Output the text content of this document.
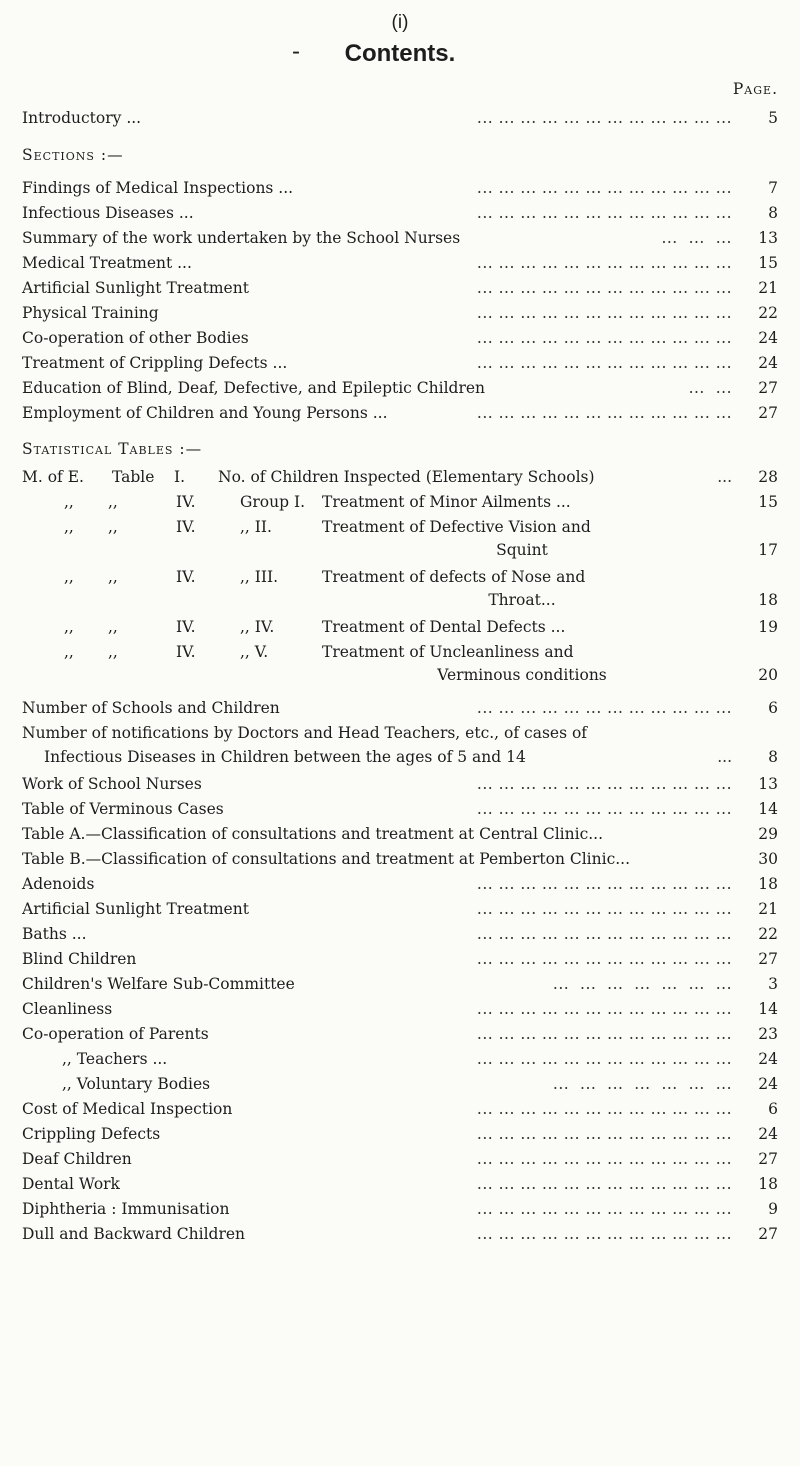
(i)
- Contents.
Page.
Introductory ...	... ... ... ... ... ... ... ... ... ... ... ...	5
Sections :—
Findings of Medical Inspections ...	... ... ... ... ... ... ... ... ... ... ... ...	7
Infectious Diseases ...	... ... ... ... ... ... ... ... ... ... ... ...	8
Summary of the work undertaken by the School Nurses	...  ...  ...	13
Medical Treatment ...	... ... ... ... ... ... ... ... ... ... ... ...	15
Artificial Sunlight Treatment	... ... ... ... ... ... ... ... ... ... ... ...	21
Physical Training	... ... ... ... ... ... ... ... ... ... ... ...	22
Co-operation of other Bodies	... ... ... ... ... ... ... ... ... ... ... ...	24
Treatment of Crippling Defects ...	... ... ... ... ... ... ... ... ... ... ... ...	24
Education of Blind, Deaf, Defective, and Epileptic Children	...  ...	27
Employment of Children and Young Persons ...	... ... ... ... ... ... ... ... ... ... ... ...	27
Statistical Tables :—
M. of E. Table I. No. of Children Inspected (Elementary Schools)	...	28
,, ,,	IV.	Group I. Treatment of Minor Ailments ...	15
,, ,,	IV.	,, II.	Treatment of Defective Vision and
Squint	17
,, ,,	IV.	,, III.	Treatment of defects of Nose and
Throat...	18
,, ,,	IV.	,, IV.	Treatment of Dental Defects ...	19
,, ,,	IV.	,, V.	Treatment of Uncleanliness and
Verminous conditions	20
Number of Schools and Children	... ... ... ... ... ... ... ... ... ... ... ...	6
Number of notifications by Doctors and Head Teachers, etc., of cases of
Infectious Diseases in Children between the ages of 5 and 14	...	8
Work of School Nurses	... ... ... ... ... ... ... ... ... ... ... ...	13
Table of Verminous Cases	... ... ... ... ... ... ... ... ... ... ... ...	14
Table A.—Classification of consultations and treatment at Central Clinic...	29
Table B.—Classification of consultations and treatment at Pemberton Clinic...	30
Adenoids	... ... ... ... ... ... ... ... ... ... ... ...	18
Artificial Sunlight Treatment	... ... ... ... ... ... ... ... ... ... ... ...	21
Baths ...	... ... ... ... ... ... ... ... ... ... ... ...	22
Blind Children	... ... ... ... ... ... ... ... ... ... ... ...	27
Children's Welfare Sub-Committee	...  ...  ...  ...  ...  ...  ...	3
Cleanliness	... ... ... ... ... ... ... ... ... ... ... ...	14
Co-operation of Parents	... ... ... ... ... ... ... ... ... ... ... ...	23
,, Teachers ...	... ... ... ... ... ... ... ... ... ... ... ...	24
,, Voluntary Bodies	...  ...  ...  ...  ...  ...  ...	24
Cost of Medical Inspection	... ... ... ... ... ... ... ... ... ... ... ...	6
Crippling Defects	... ... ... ... ... ... ... ... ... ... ... ...	24
Deaf Children	... ... ... ... ... ... ... ... ... ... ... ...	27
Dental Work	... ... ... ... ... ... ... ... ... ... ... ...	18
Diphtheria : Immunisation	... ... ... ... ... ... ... ... ... ... ... ...	9
Dull and Backward Children	... ... ... ... ... ... ... ... ... ... ... ...	27
